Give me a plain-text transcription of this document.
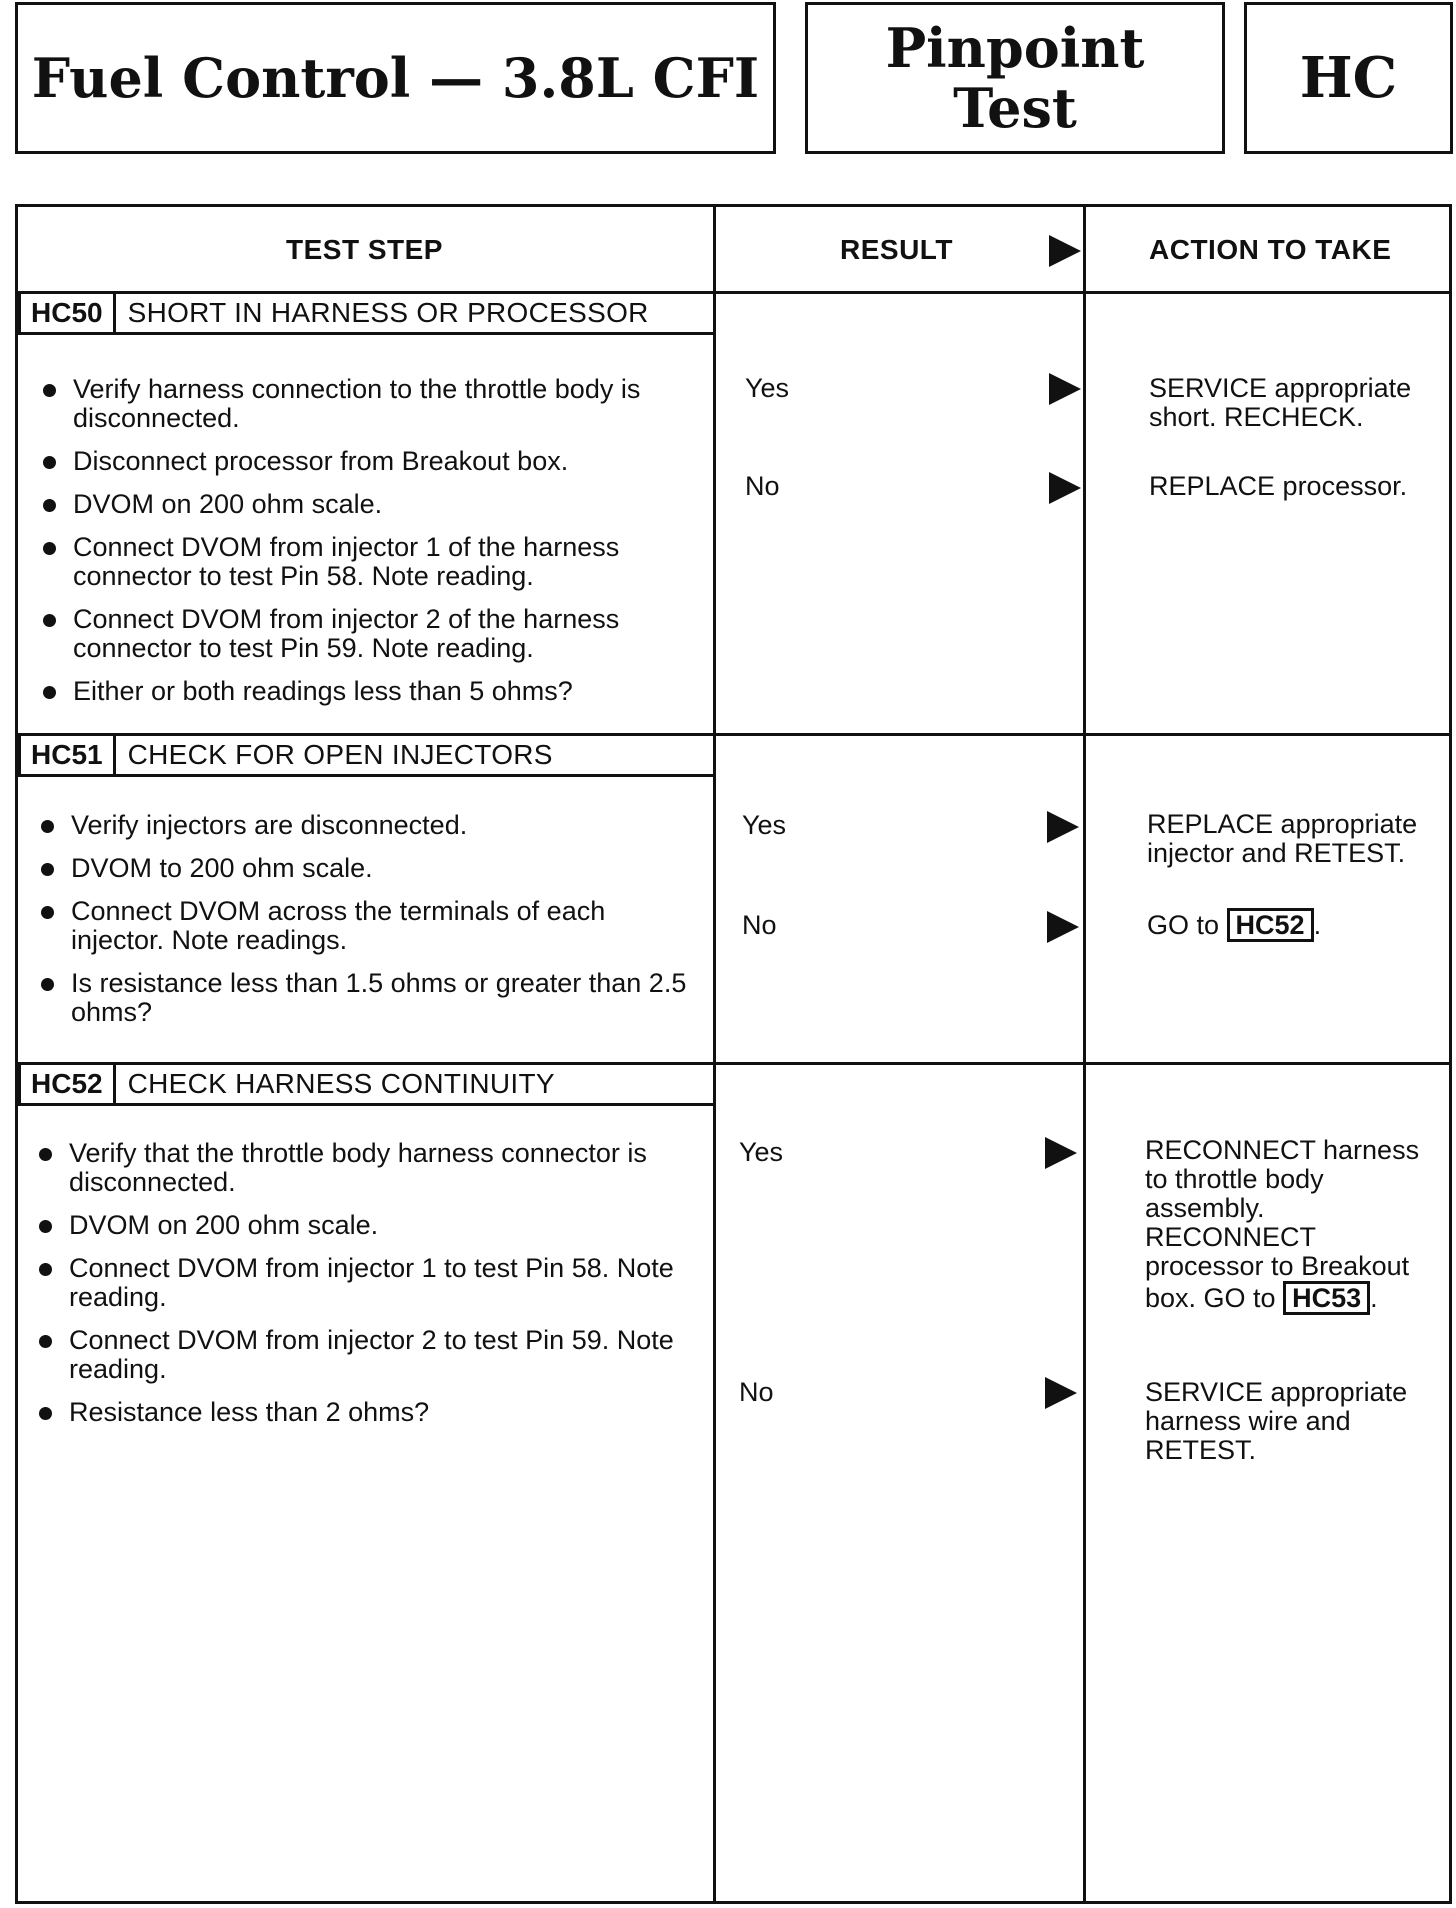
Fuel Control — 3.8L CFI	Pinpoint
Test	HC
TEST STEP	RESULT	ACTION TO TAKE
HC50 SHORT IN HARNESS OR PROCESSOR
Verify harness connection to the throttle body is disconnected.
Disconnect processor from Breakout box.
DVOM on 200 ohm scale.
Connect DVOM from injector 1 of the harness connector to test Pin 58. Note reading.
Connect DVOM from injector 2 of the harness connector to test Pin 59. Note reading.
Either or both readings less than 5 ohms?
Yes	SERVICE appropriate short. RECHECK.
No	REPLACE processor.
HC51 CHECK FOR OPEN INJECTORS
Verify injectors are disconnected.
DVOM to 200 ohm scale.
Connect DVOM across the terminals of each injector. Note readings.
Is resistance less than 1.5 ohms or greater than 2.5 ohms?
Yes	REPLACE appropriate injector and RETEST.
No	GO to HC52 .
HC52 CHECK HARNESS CONTINUITY
Verify that the throttle body harness connector is disconnected.
DVOM on 200 ohm scale.
Connect DVOM from injector 1 to test Pin 58. Note reading.
Connect DVOM from injector 2 to test Pin 59. Note reading.
Resistance less than 2 ohms?
Yes	RECONNECT harness to throttle body assembly. RECONNECT processor to Breakout box. GO to HC53 .
No	SERVICE appropriate harness wire and RETEST.
